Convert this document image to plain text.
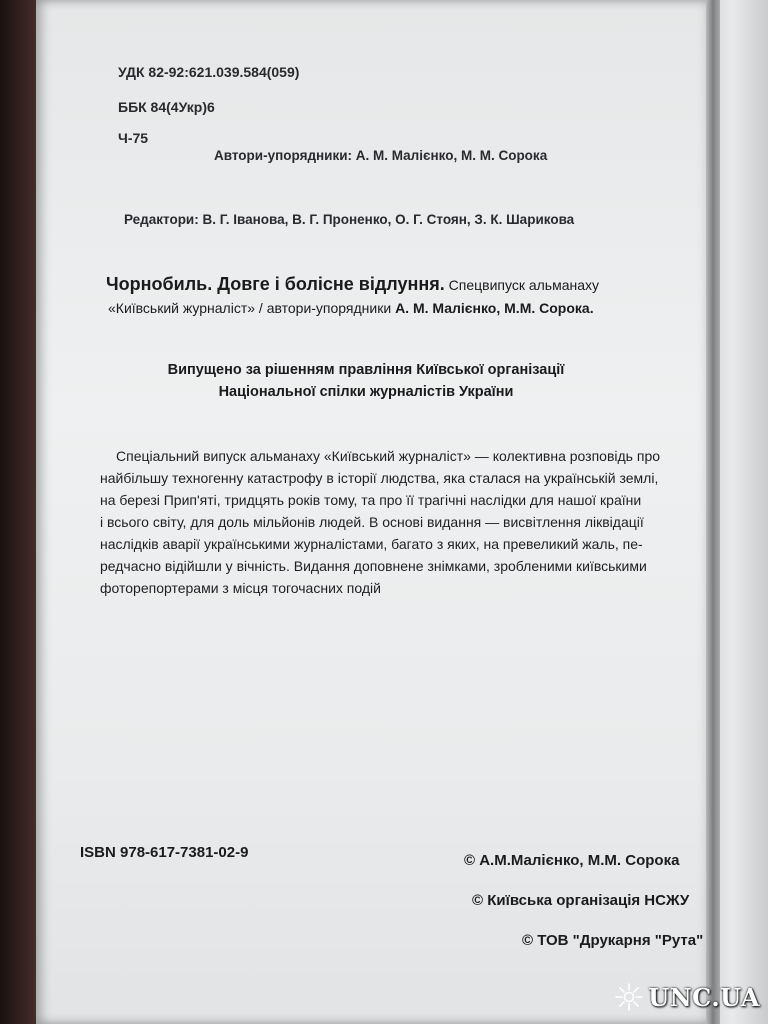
УДК 82-92:621.039.584(059)
ББК 84(4Укр)6
Ч-75
Автори-упорядники: А. М. Малієнко, М. М. Сорока
Редактори: В. Г. Іванова, В. Г. Проненко, О. Г. Стоян, З. К. Шарикова
Чорнобиль. Довге і болісне відлуння. Спецвипуск альманаху
«Київський журналіст» / автори-упорядники А. М. Малієнко, М.М. Сорока.
Випущено за рішенням правління Київської організації
Національної спілки журналістів України
Спеціальний випуск альманаху «Київський журналіст» — колективна розповідь про
найбільшу техногенну катастрофу в історії людства, яка сталася на українській землі,
на березі Прип'яті, тридцять років тому, та про її трагічні наслідки для нашої країни
і всього світу, для доль мільйонів людей. В основі видання — висвітлення ліквідації
наслідків аварії українськими журналістами, багато з яких, на превеликий жаль, пе-
редчасно відійшли у вічність. Видання доповнене знімками, зробленими київськими
фоторепортерами з місця тогочасних подій
ISBN 978-617-7381-02-9	© А.М.Малієнко, М.М. Сорока
© Київська організація НСЖУ
© ТОВ "Друкарня "Рута"
UNC.UA
